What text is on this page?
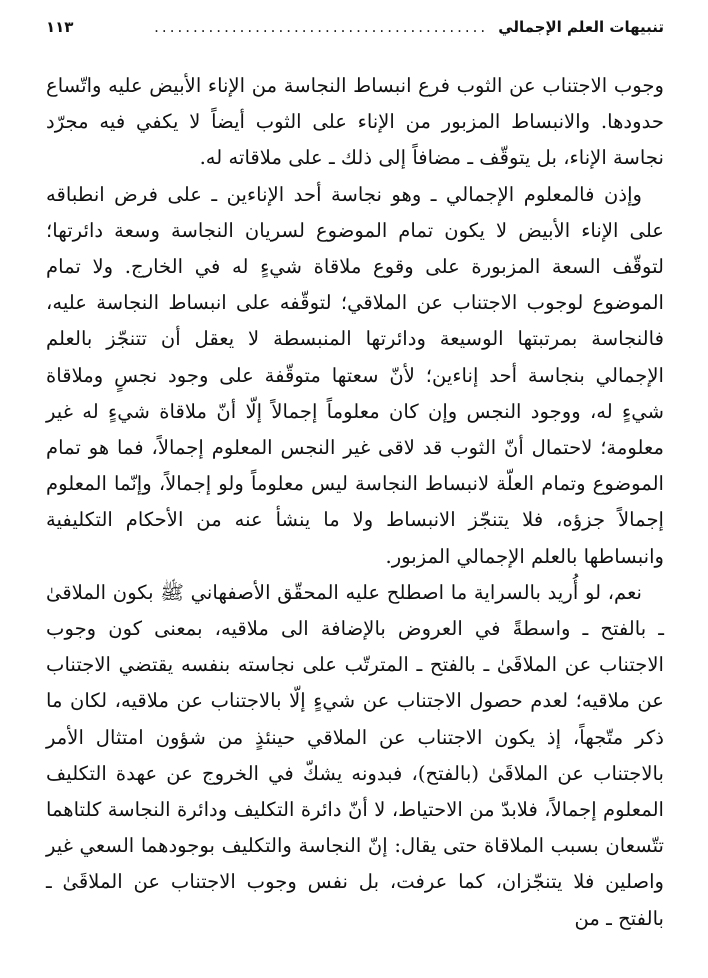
تنبيهات العلم الإجمالي
...........................................
١١٣

وجوب الاجتناب عن الثوب فرع انبساط النجاسة من الإناء الأبيض عليه واتّساع حدودها. والانبساط المزبور من الإناء على الثوب أيضاً لا يكفي فيه مجرّد نجاسة الإناء، بل يتوقّف ـ مضافاً إلى ذلك ـ على ملاقاته له.

وإذن فالمعلوم الإجمالي ـ وهو نجاسة أحد الإناءين ـ على فرض انطباقه على الإناء الأبيض لا يكون تمام الموضوع لسريان النجاسة وسعة دائرتها؛ لتوقّف السعة المزبورة على وقوع ملاقاة شيءٍ له في الخارج. ولا تمام الموضوع لوجوب الاجتناب عن الملاقي؛ لتوقّفه على انبساط النجاسة عليه، فالنجاسة بمرتبتها الوسيعة ودائرتها المنبسطة لا يعقل أن تتنجّز بالعلم الإجمالي بنجاسة أحد إناءين؛ لأنّ سعتها متوقّفة على وجود نجسٍ وملاقاة شيءٍ له، ووجود النجس وإن كان معلوماً إجمالاً إلّا أنّ ملاقاة شيءٍ له غير معلومة؛ لاحتمال أنّ الثوب قد لاقى غير النجس المعلوم إجمالاً، فما هو تمام الموضوع وتمام العلّة لانبساط النجاسة ليس معلوماً ولو إجمالاً، وإنّما المعلوم إجمالاً جزؤه، فلا يتنجّز الانبساط ولا ما ينشأ عنه من الأحكام التكليفية وانبساطها بالعلم الإجمالي المزبور.

نعم، لو أُريد بالسراية ما اصطلح عليه المحقّق الأصفهاني ﷺ بكون الملاقىٰ ـ بالفتح ـ واسطةً في العروض بالإضافة الى ملاقيه، بمعنى كون وجوب الاجتناب عن الملاقَىٰ ـ بالفتح ـ المترتّب على نجاسته بنفسه يقتضي الاجتناب عن ملاقيه؛ لعدم حصول الاجتناب عن شيءٍ إلّا بالاجتناب عن ملاقيه، لكان ما ذكر متّجهاً، إذ يكون الاجتناب عن الملاقي حينئذٍ من شؤون امتثال الأمر بالاجتناب عن الملاقَىٰ (بالفتح)، فبدونه يشكّ في الخروج عن عهدة التكليف المعلوم إجمالاً، فلابدّ من الاحتياط، لا أنّ دائرة التكليف ودائرة النجاسة كلتاهما تتّسعان بسبب الملاقاة حتى يقال: إنّ النجاسة والتكليف بوجودهما السعي غير واصلين فلا يتنجّزان، كما عرفت، بل نفس وجوب الاجتناب عن الملاقَىٰ ـ بالفتح ـ من
